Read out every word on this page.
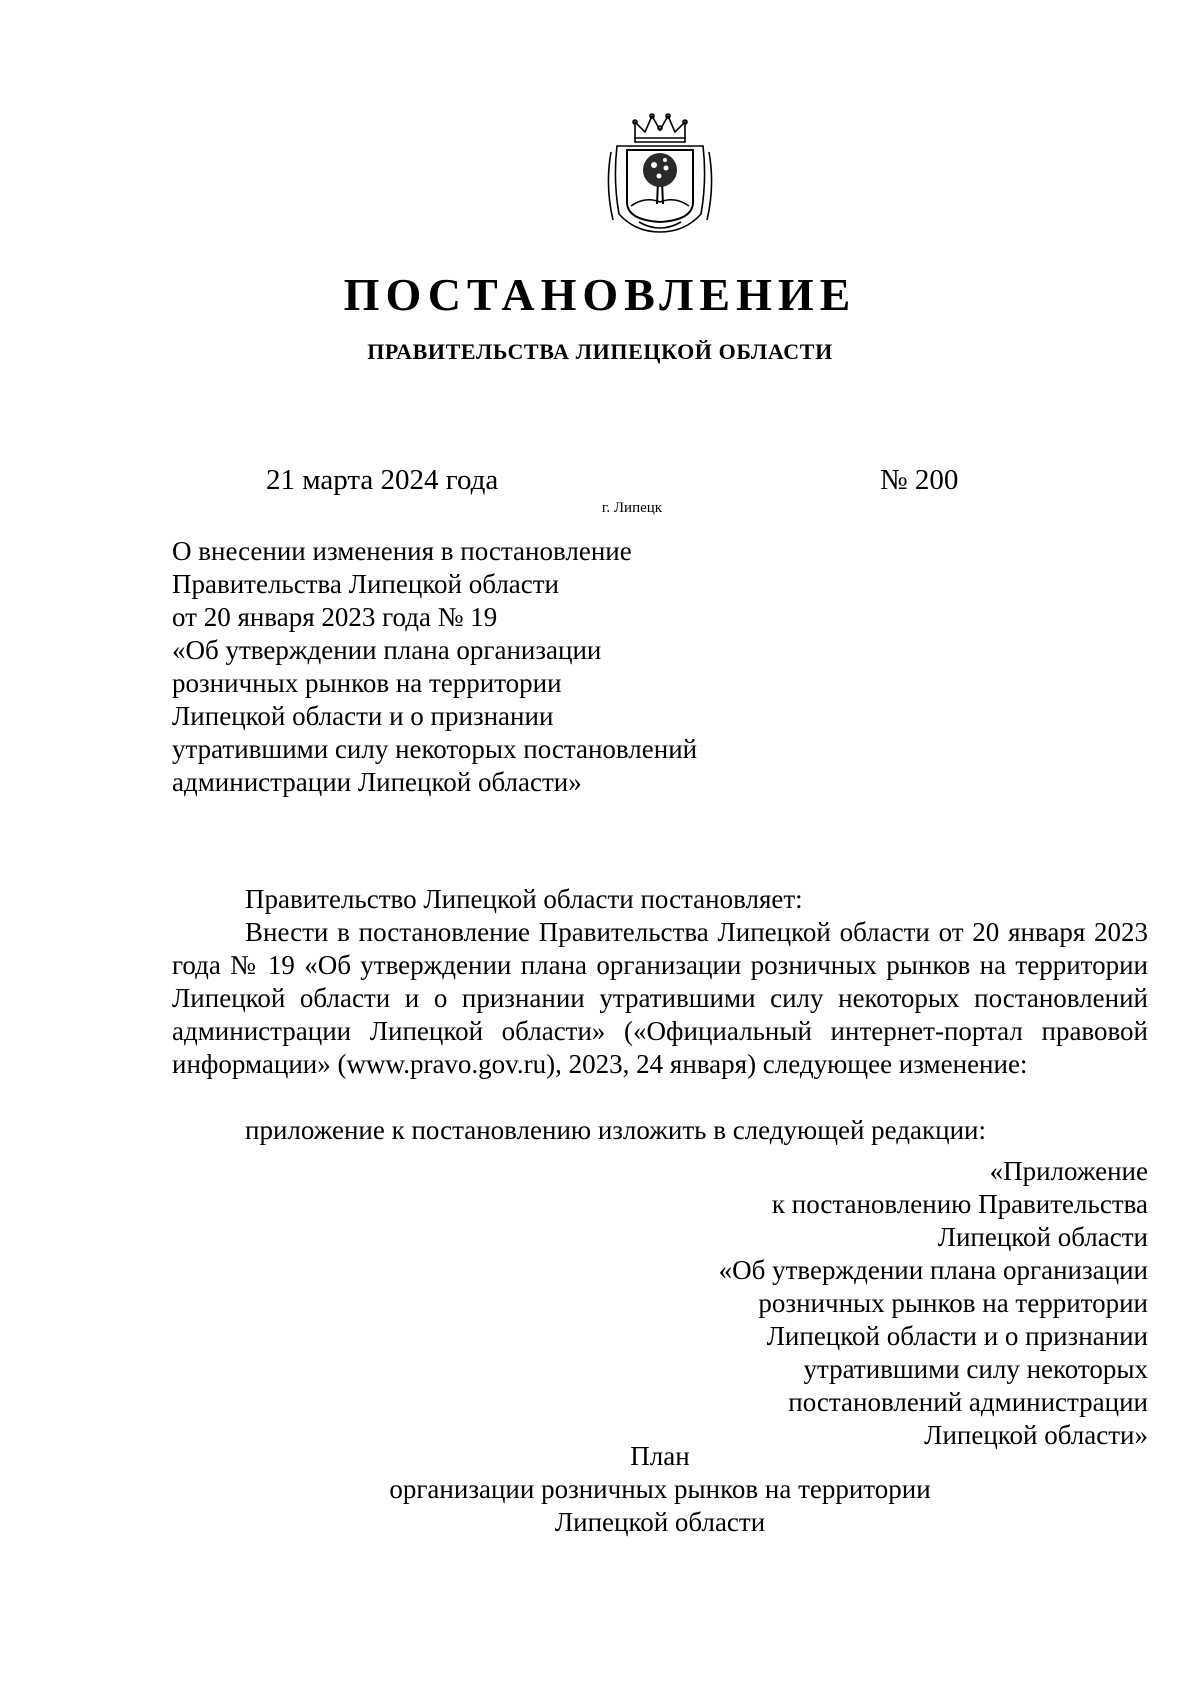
ПОСТАНОВЛЕНИЕ
ПРАВИТЕЛЬСТВА ЛИПЕЦКОЙ ОБЛАСТИ
21 марта 2024 года	№ 200
г. Липецк
О внесении изменения в постановление
Правительства Липецкой области
от 20 января 2023 года № 19
«Об утверждении плана организации
розничных рынков на территории
Липецкой области и о признании
утратившими силу некоторых постановлений
администрации Липецкой области»
Правительство Липецкой области постановляет:

Внести в постановление Правительства Липецкой области от 20 января 2023 года № 19 «Об утверждении плана организации розничных рынков на территории Липецкой области и о признании утратившими силу некоторых постановлений администрации Липецкой области» («Официальный интернет-портал правовой информации» (www.pravo.gov.ru), 2023, 24 января) следующее изменение:

приложение к постановлению изложить в следующей редакции:
«Приложение
к постановлению Правительства
Липецкой области
«Об утверждении плана организации
розничных рынков на территории
Липецкой области и о признании
утратившими силу некоторых
постановлений администрации
Липецкой области»
План
организации розничных рынков на территории
Липецкой области
